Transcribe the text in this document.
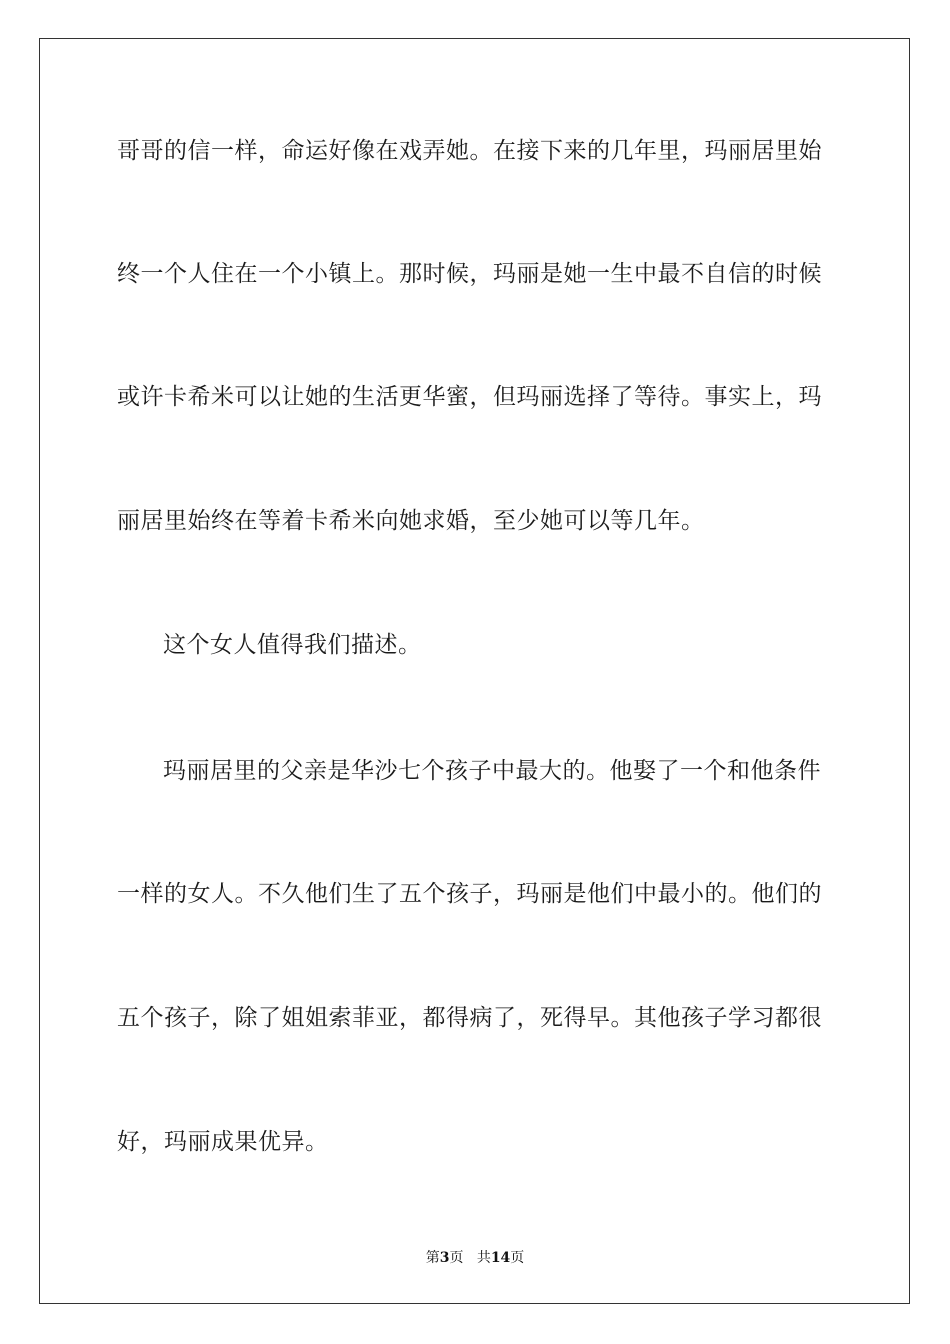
哥哥的信一样，命运好像在戏弄她。在接下来的几年里，玛丽居里始
终一个人住在一个小镇上。那时候，玛丽是她一生中最不自信的时候
或许卡希米可以让她的生活更华蜜，但玛丽选择了等待。事实上，玛
丽居里始终在等着卡希米向她求婚，至少她可以等几年。
这个女人值得我们描述。
玛丽居里的父亲是华沙七个孩子中最大的。他娶了一个和他条件
一样的女人。不久他们生了五个孩子，玛丽是他们中最小的。他们的
五个孩子，除了姐姐索菲亚，都得病了，死得早。其他孩子学习都很
好，玛丽成果优异。
第3页 共14页
